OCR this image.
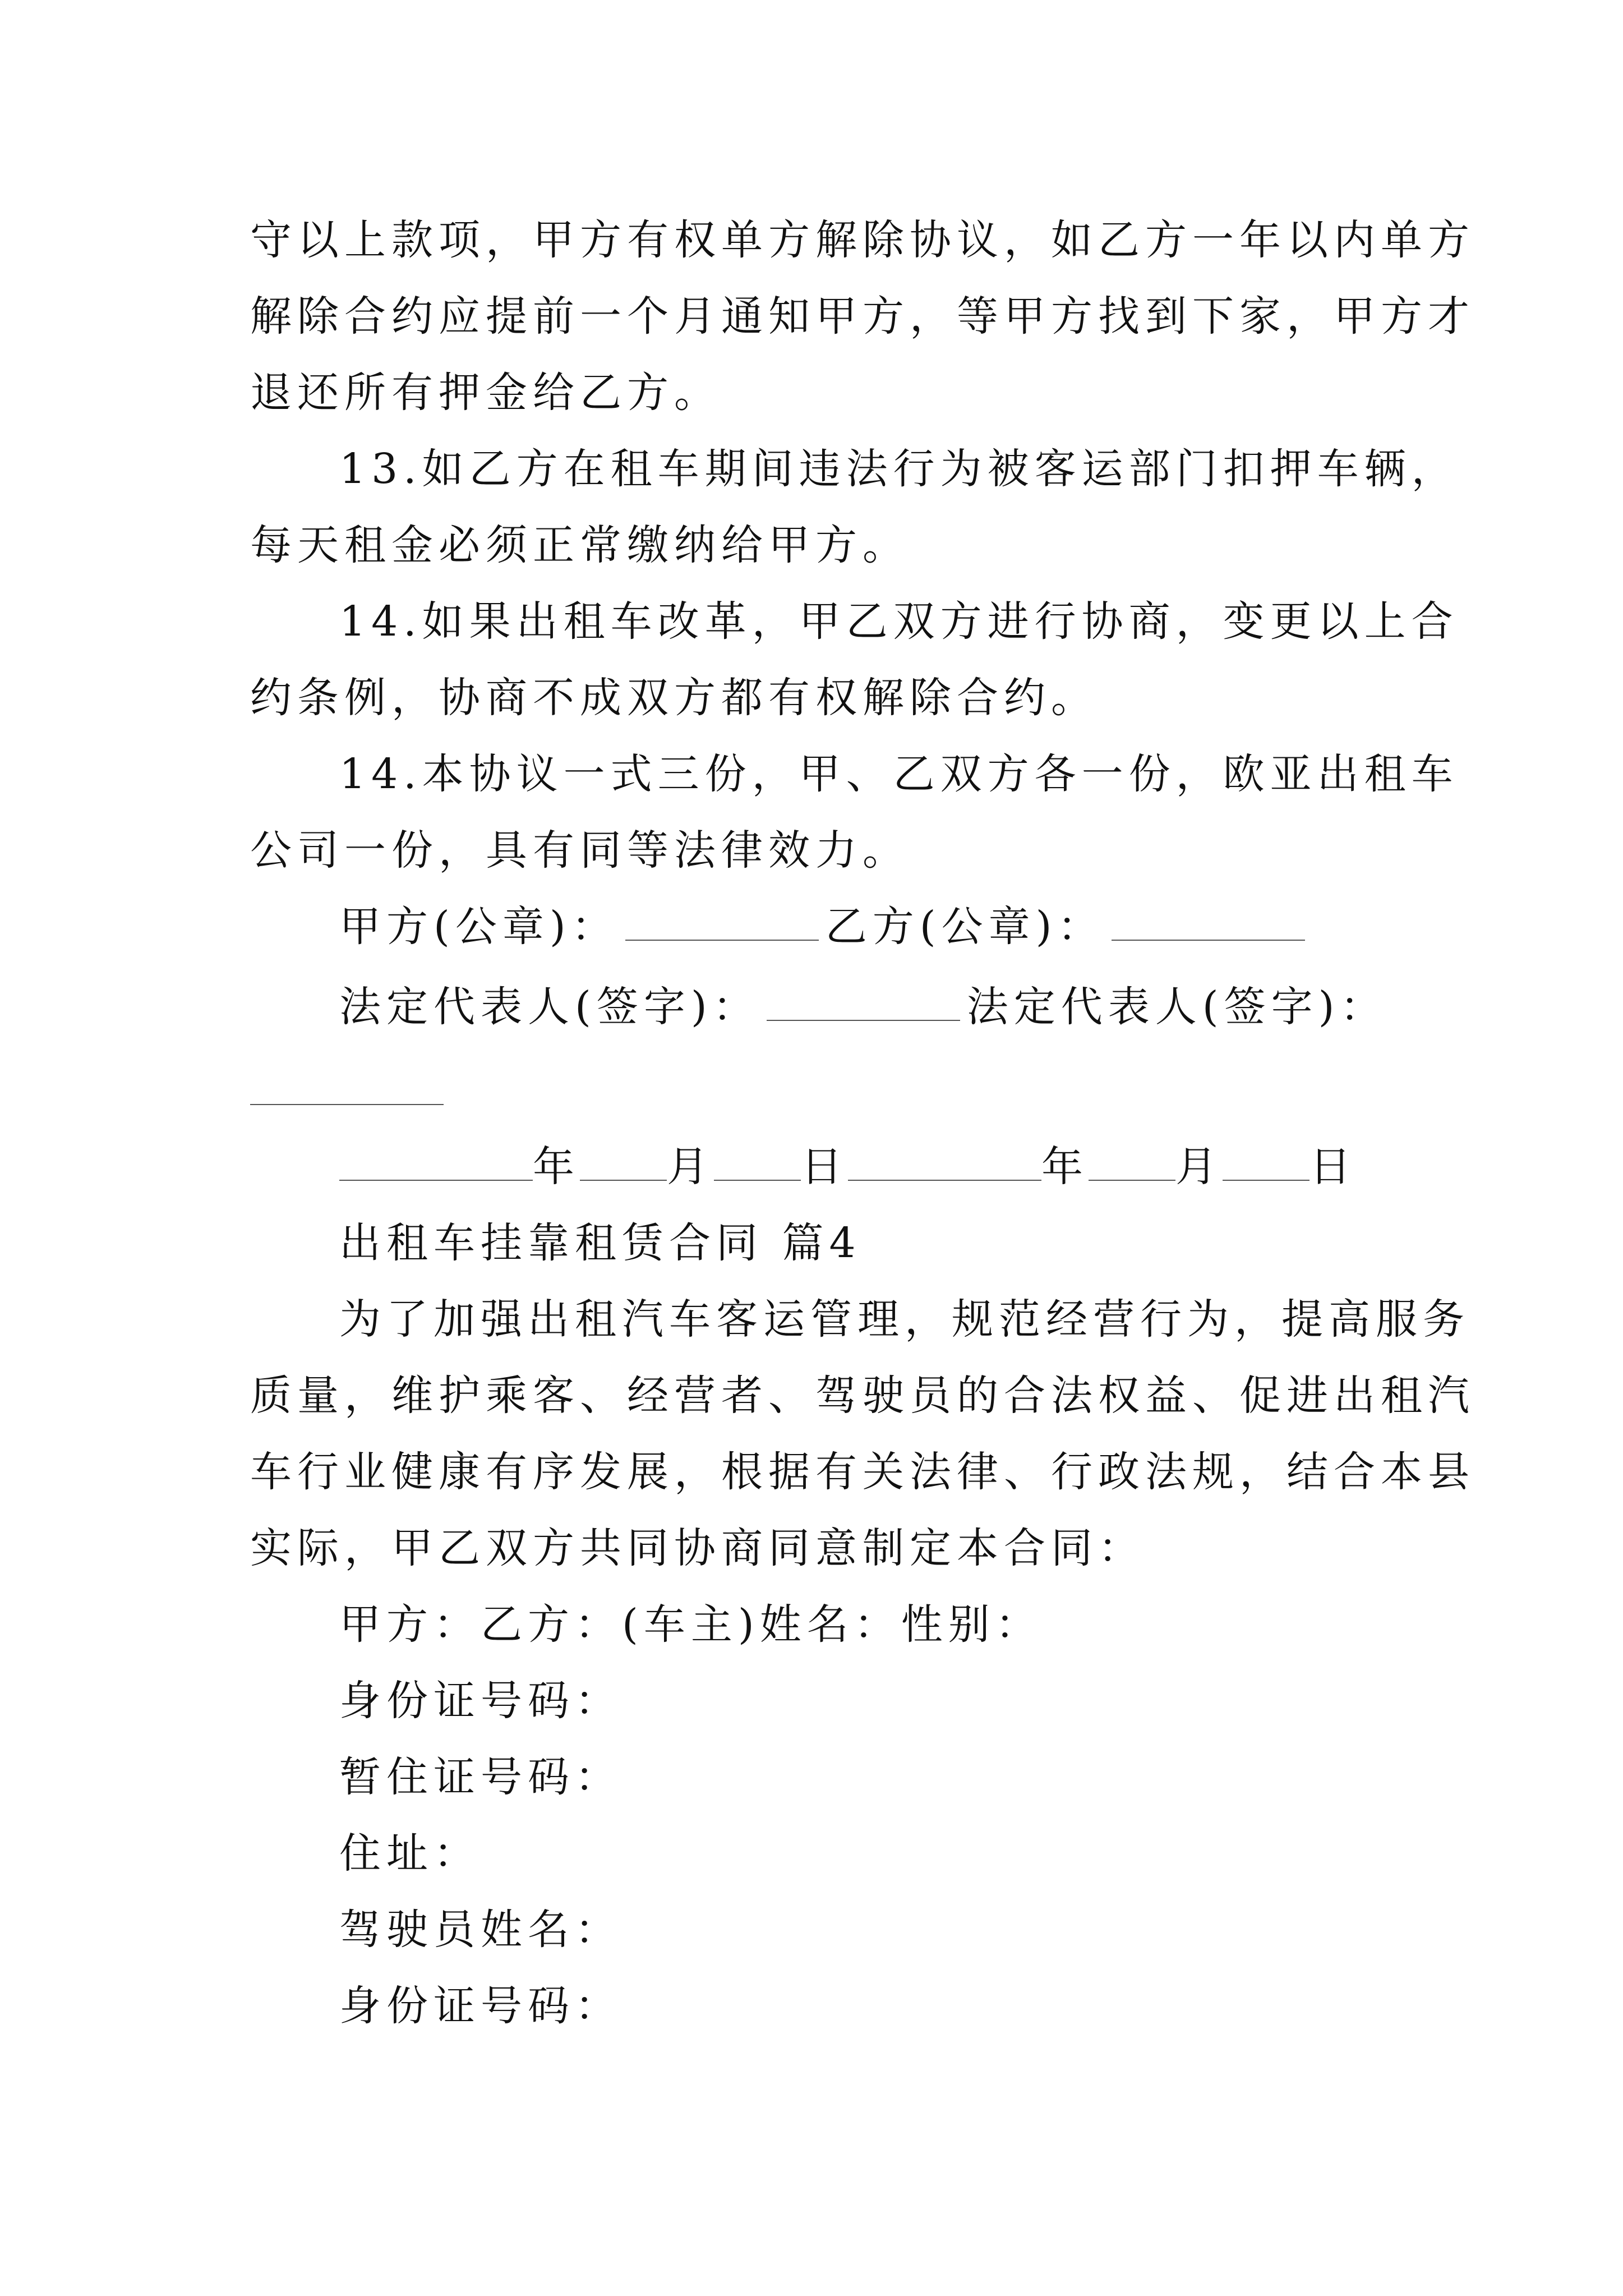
守以上款项，甲方有权单方解除协议，如乙方一年以内单方
解除合约应提前一个月通知甲方，等甲方找到下家，甲方才
退还所有押金给乙方。
13.如乙方在租车期间违法行为被客运部门扣押车辆，
每天租金必须正常缴纳给甲方。
14.如果出租车改革，甲乙双方进行协商，变更以上合
约条例，协商不成双方都有权解除合约。
14.本协议一式三份，甲、乙双方各一份，欧亚出租车
公司一份，具有同等法律效力。
甲方(公章)：	乙方(公章)：
法定代表人(签字)：	法定代表人(签字)：
年 月 日	年 月 日
出租车挂靠租赁合同 篇4
为了加强出租汽车客运管理，规范经营行为，提高服务
质量，维护乘客、经营者、驾驶员的合法权益、促进出租汽
车行业健康有序发展，根据有关法律、行政法规，结合本县
实际，甲乙双方共同协商同意制定本合同：
甲方：乙方：(车主)姓名：性别：
身份证号码：
暂住证号码：
住址：
驾驶员姓名：
身份证号码：
